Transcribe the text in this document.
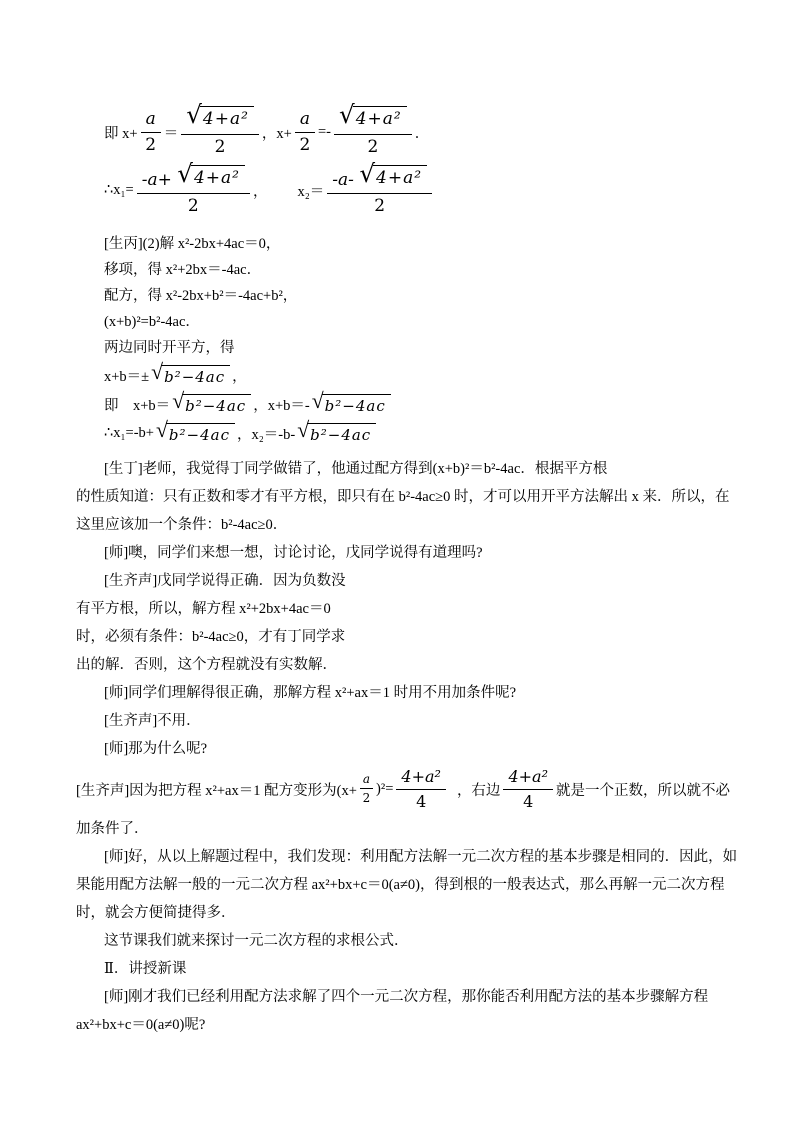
即 $x+ \frac{a}{2} = \frac{\text{√ 4+a²}}{2}$ ，$x+ \frac{a}{2} =- \frac{\text{√ 4+a²}}{2}$ ．
∴x₁= $\frac{\text{-a+ √ 4+a²}}{2}$ ， $x_2= \frac{\text{-a- √ 4+a²}}{2}$

[生丙](2)解 x²-2bx+4ac＝0，

移项，得 x²+2bx＝-4ac．

配方，得 x²-2bx+b²＝-4ac+b²，

(x+b)²=b²-4ac．

两边同时开平方，得

x+b＝± √ b²−4ac ，
即　x+b＝ √ b²−4ac ，x+b＝- √ b²−4ac
∴x₁=-b+ √ b²−4ac ，x₂＝-b- √ b²−4ac

[生丁]老师，我觉得丁同学做错了，他通过配方得到(x+b)²＝b²-4ac．根据平方根

的性质知道：只有正数和零才有平方根，即只有在 b²-4ac≥0 时，才可以用开平方法解出 x 来．所以，在

这里应该加一个条件：b²-4ac≥0．

[师]噢，同学们来想一想，讨论讨论，戊同学说得有道理吗?

[生齐声]戊同学说得正确．因为负数没

有平方根，所以，解方程 x²+2bx+4ac＝0

时，必须有条件：b²-4ac≥0，才有丁同学求

出的解．否则，这个方程就没有实数解．

[师]同学们理解得很正确，那解方程 x²+ax＝1 时用不用加条件呢?

[生齐声]不用．

[师]那为什么呢?

[生齐声]因为把方程 x²+ax＝1 配方变形为$(x+ \frac{a}{2} )^2= \frac{\text{4+a²}}{4}$ ，右边 $\frac{\text{4+a²}}{4}$ 就是一个正数，所以就不必

加条件了．

[师]好，从以上解题过程中，我们发现：利用配方法解一元二次方程的基本步骤是相同的．因此，如

果能用配方法解一般的一元二次方程 ax²+bx+c＝0(a≠0)，得到根的一般表达式，那么再解一元二次方程

时，就会方便简捷得多．

这节课我们就来探讨一元二次方程的求根公式．

Ⅱ．讲授新课

[师]刚才我们已经利用配方法求解了四个一元二次方程，那你能否利用配方法的基本步骤解方程

ax²+bx+c＝0(a≠0)呢?
